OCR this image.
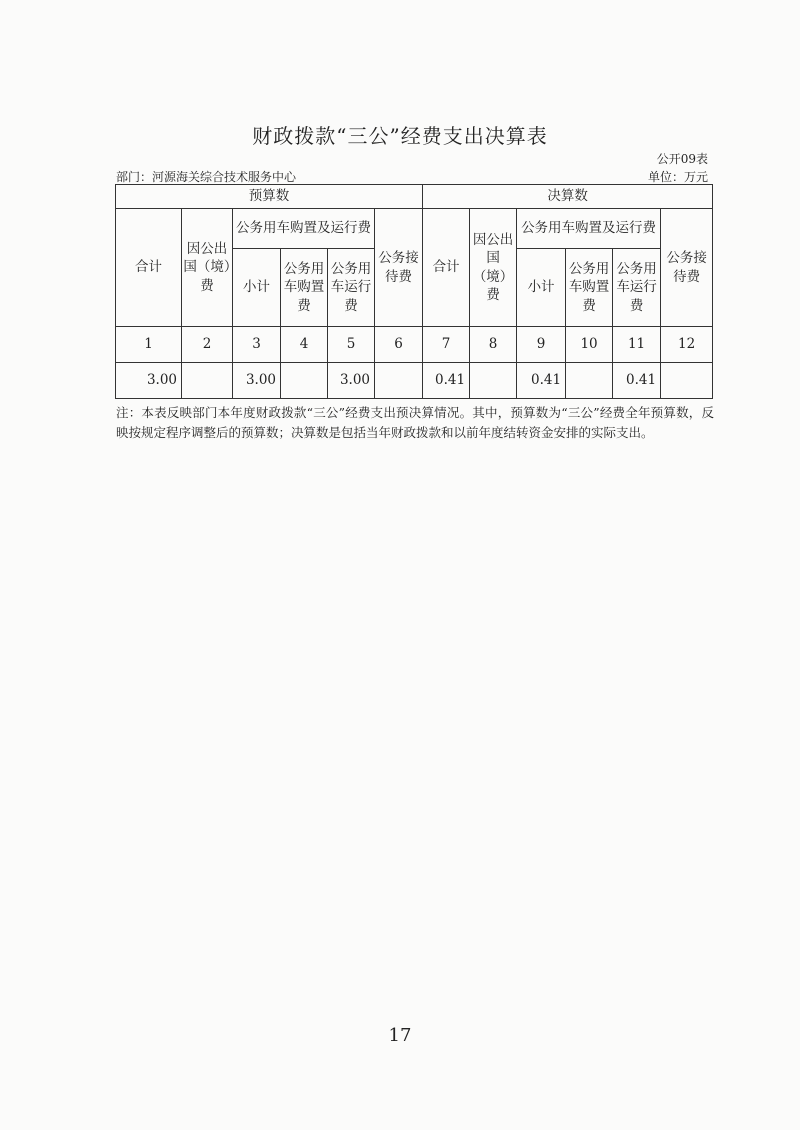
财政拨款“三公”经费支出决算表
公开09表
部门：河源海关综合技术服务中心	单位：万元
预算数						决算数					
合计	因公出国（境）费	公务用车购置及运行费			公务接待费	合计	因公出国（境）费	公务用车购置及运行费			公务接待费
		小计	公务用车购置费	公务用车运行费				小计	公务用车购置费	公务用车运行费	
1	2	3	4	5	6	7	8	9	10	11	12
3.00		3.00		3.00		0.41		0.41		0.41	
注：本表反映部门本年度财政拨款“三公”经费支出预决算情况。其中，预算数为“三公”经费全年预算数，反映按规定程序调整后的预算数；决算数是包括当年财政拨款和以前年度结转资金安排的实际支出。
17
